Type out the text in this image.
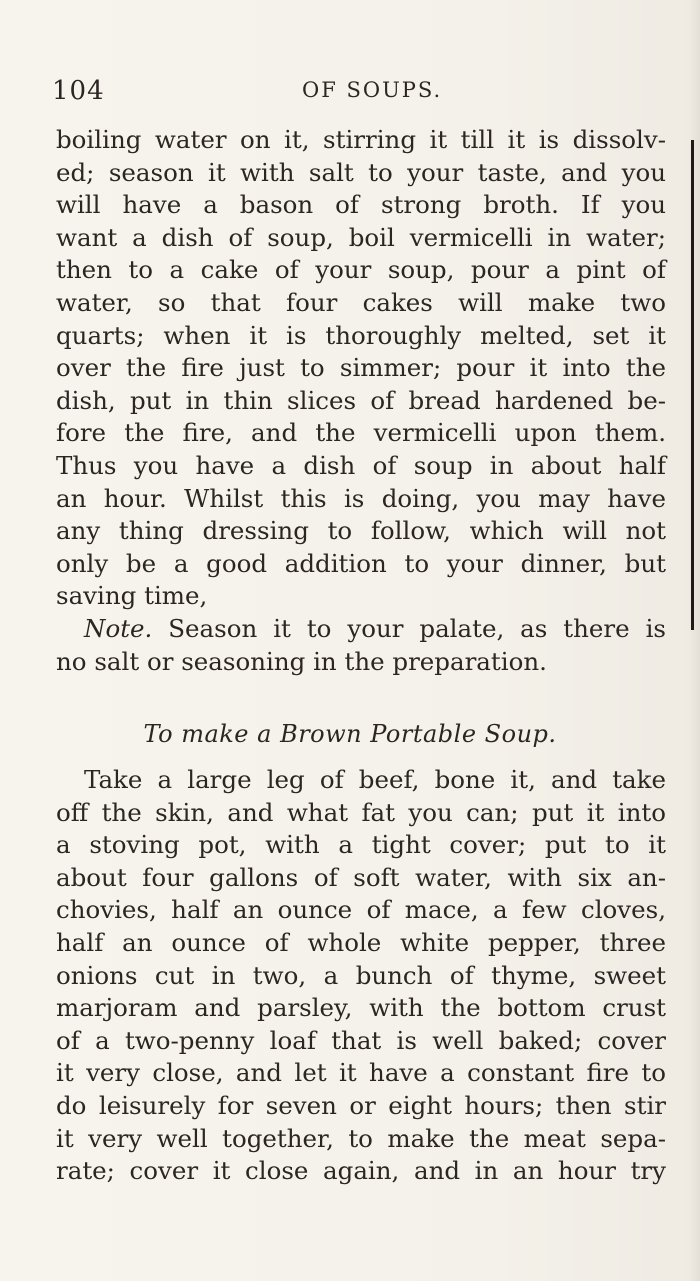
104	OF SOUPS.
boiling water on it, stirring it till it is dissolv-
ed; season it with salt to your taste, and you
will have a bason of strong broth. If you
want a dish of soup, boil vermicelli in water;
then to a cake of your soup, pour a pint of
water, so that four cakes will make two
quarts; when it is thoroughly melted, set it
over the fire just to simmer; pour it into the
dish, put in thin slices of bread hardened be-
fore the fire, and the vermicelli upon them.
Thus you have a dish of soup in about half
an hour. Whilst this is doing, you may have
any thing dressing to follow, which will not
only be a good addition to your dinner, but
saving time,
Note. Season it to your palate, as there is
no salt or seasoning in the preparation.
To make a Brown Portable Soup.
Take a large leg of beef, bone it, and take
off the skin, and what fat you can; put it into
a stoving pot, with a tight cover; put to it
about four gallons of soft water, with six an-
chovies, half an ounce of mace, a few cloves,
half an ounce of whole white pepper, three
onions cut in two, a bunch of thyme, sweet
marjoram and parsley, with the bottom crust
of a two-penny loaf that is well baked; cover
it very close, and let it have a constant fire to
do leisurely for seven or eight hours; then stir
it very well together, to make the meat sepa-
rate; cover it close again, and in an hour try
